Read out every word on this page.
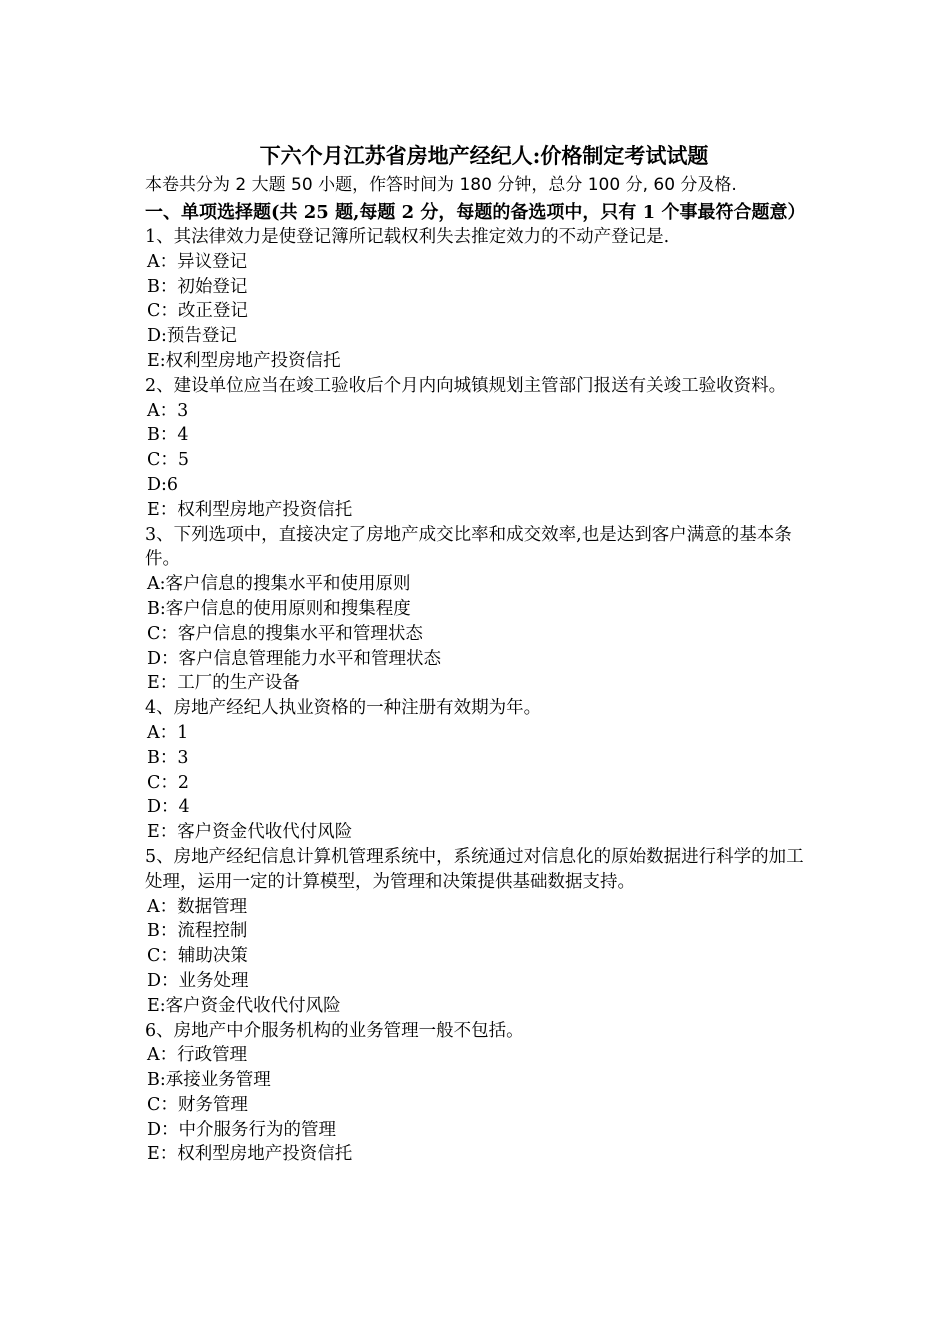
下六个月江苏省房地产经纪人:价格制定考试试题
本卷共分为 2 大题 50 小题，作答时间为 180 分钟，总分 100 分, 60 分及格.
一、单项选择题(共 25 题,每题 2 分，每题的备选项中，只有 1 个事最符合题意）
1、其法律效力是使登记簿所记载权利失去推定效力的不动产登记是.
A：异议登记
B：初始登记
C：改正登记
D:预告登记
E:权利型房地产投资信托
2、建设单位应当在竣工验收后个月内向城镇规划主管部门报送有关竣工验收资料。
A：3
B：4
C：5
D:6
E：权利型房地产投资信托
3、下列选项中，直接决定了房地产成交比率和成交效率,也是达到客户满意的基本条件。
A:客户信息的搜集水平和使用原则
B:客户信息的使用原则和搜集程度
C：客户信息的搜集水平和管理状态
D：客户信息管理能力水平和管理状态
E：工厂的生产设备
4、房地产经纪人执业资格的一种注册有效期为年。
A：1
B：3
C：2
D：4
E：客户资金代收代付风险
5、房地产经纪信息计算机管理系统中，系统通过对信息化的原始数据进行科学的加工处理，运用一定的计算模型，为管理和决策提供基础数据支持。
A：数据管理
B：流程控制
C：辅助决策
D：业务处理
E:客户资金代收代付风险
6、房地产中介服务机构的业务管理一般不包括。
A：行政管理
B:承接业务管理
C：财务管理
D：中介服务行为的管理
E：权利型房地产投资信托
